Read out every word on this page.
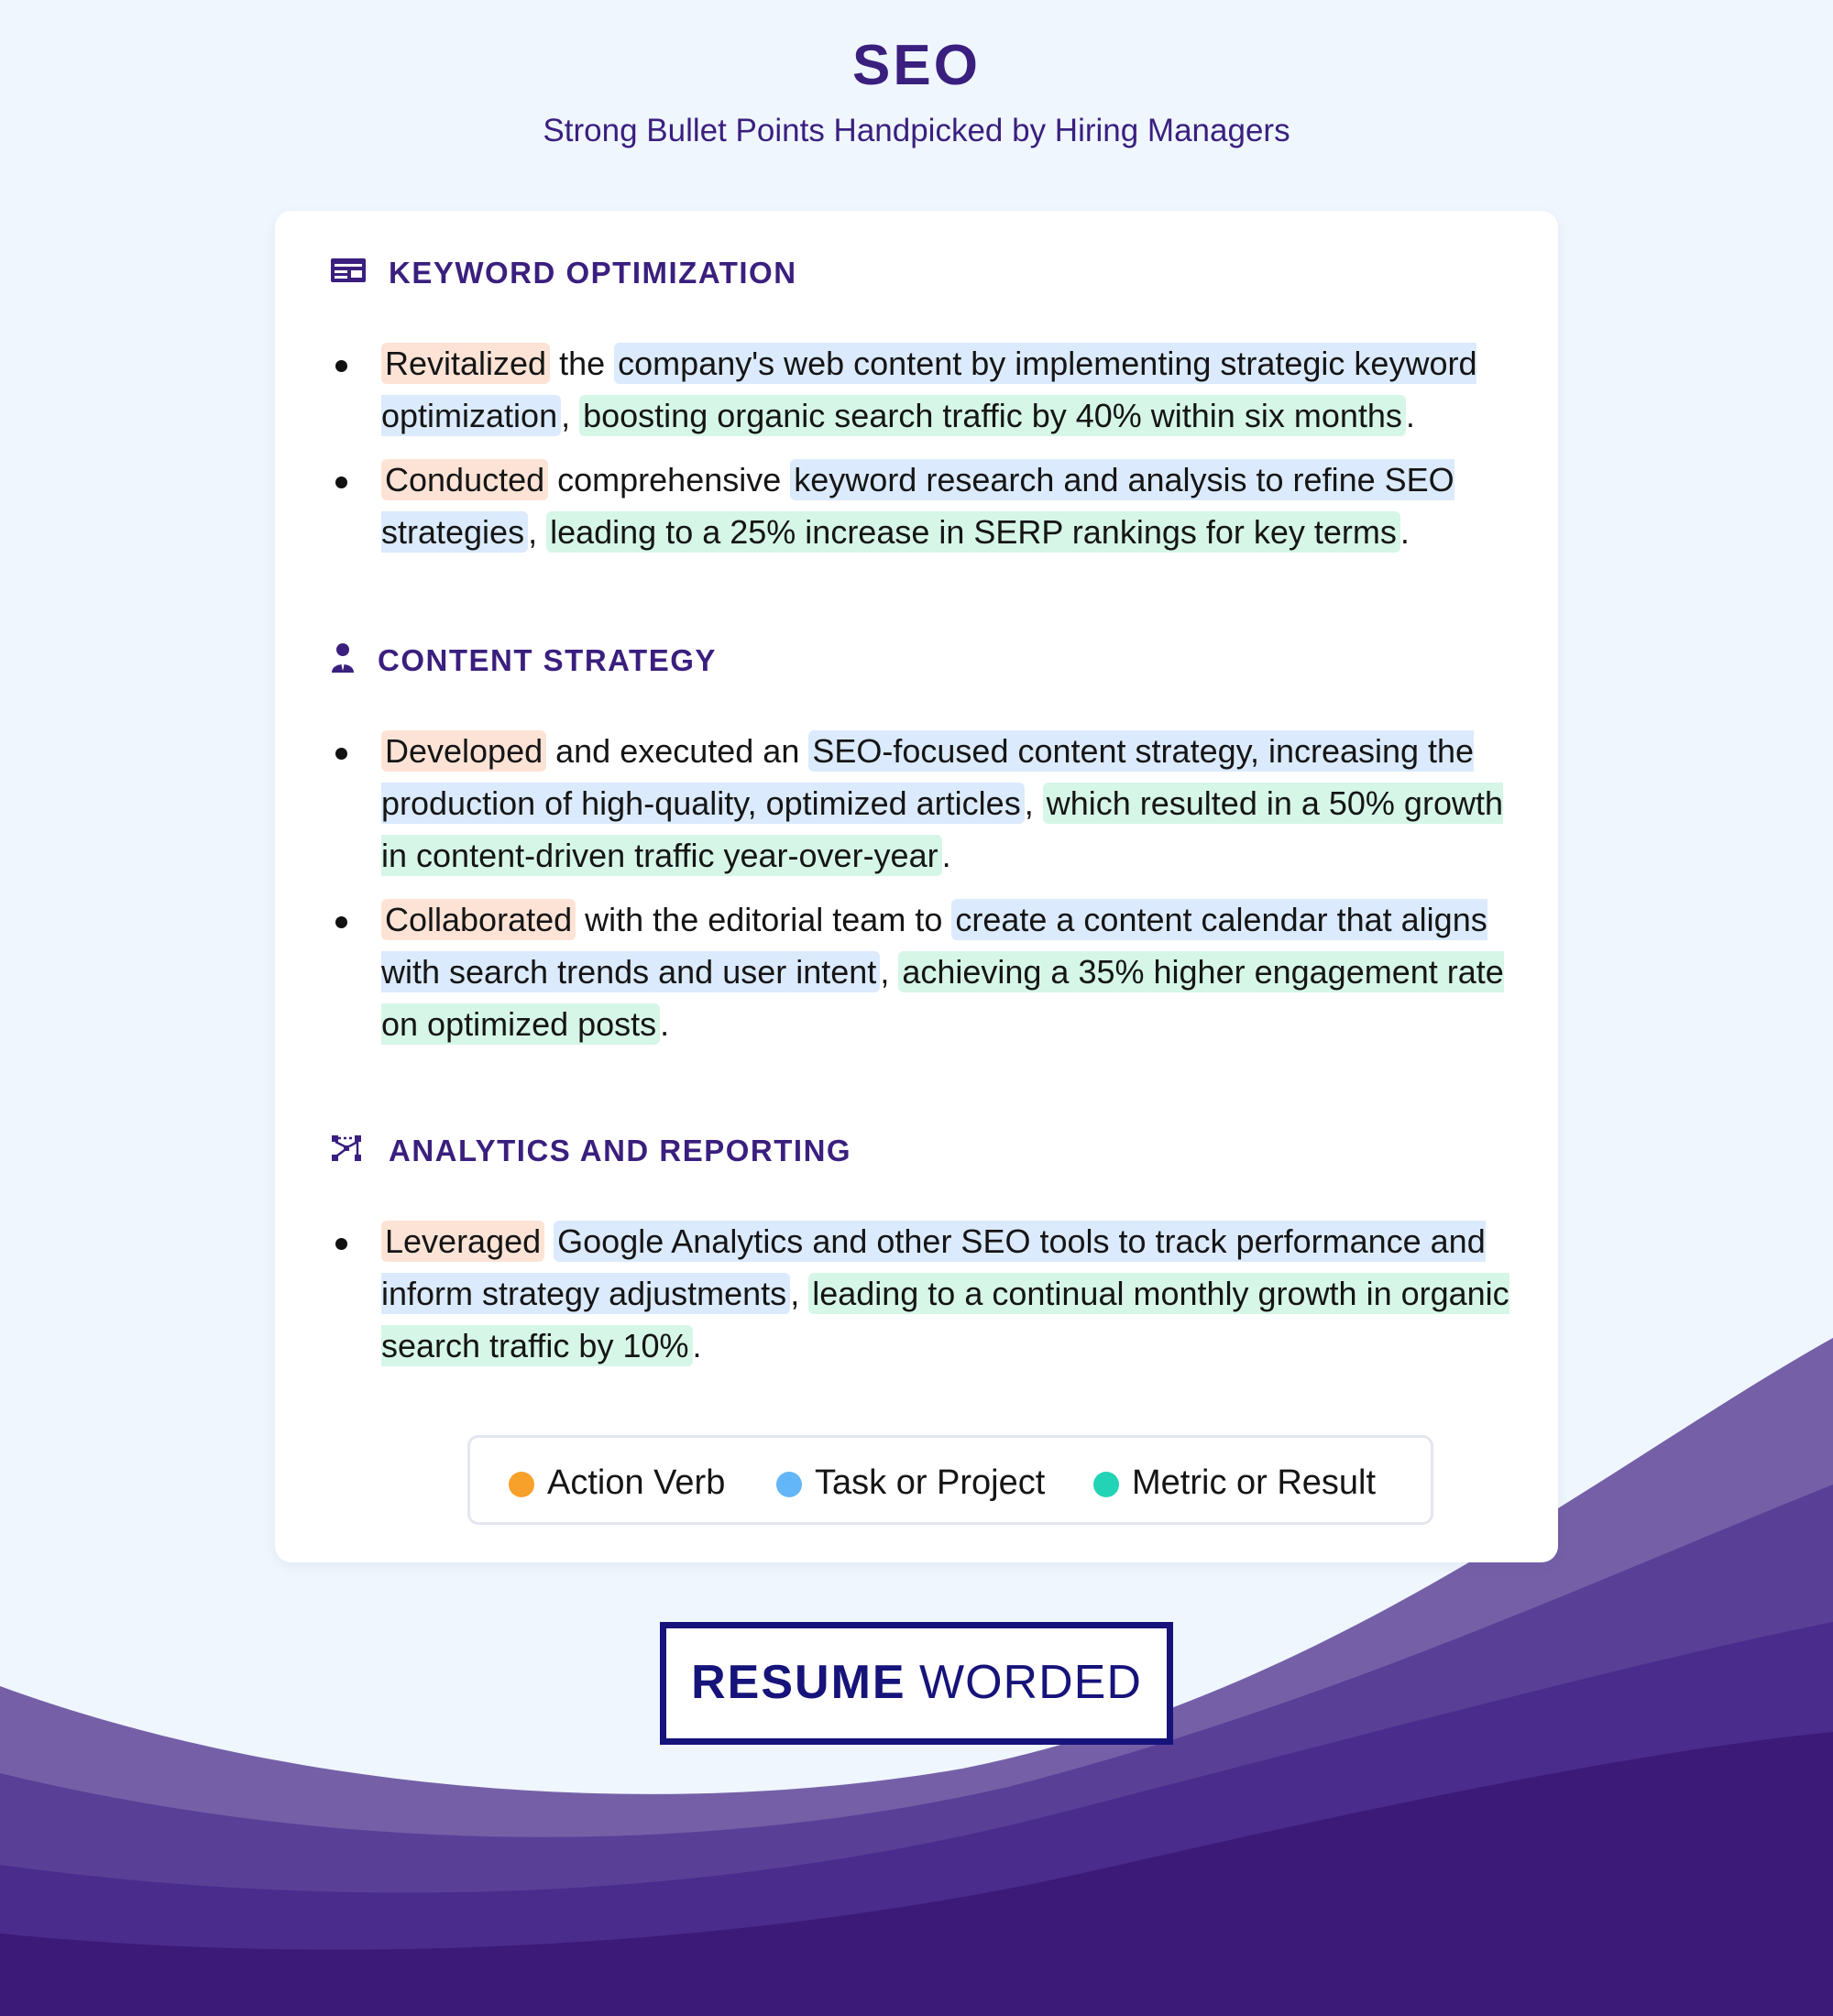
SEO
Strong Bullet Points Handpicked by Hiring Managers
KEYWORD OPTIMIZATION
Revitalized the company's web content by implementing strategic keyword optimization , boosting organic search traffic by 40% within six months .
Conducted comprehensive keyword research and analysis to refine SEO strategies , leading to a 25% increase in SERP rankings for key terms .
CONTENT STRATEGY
Developed and executed an SEO-focused content strategy, increasing the production of high-quality, optimized articles , which resulted in a 50% growth in content-driven traffic year-over-year .
Collaborated with the editorial team to create a content calendar that aligns with search trends and user intent , achieving a 35% higher engagement rate on optimized posts .
ANALYTICS AND REPORTING
Leveraged Google Analytics and other SEO tools to track performance and inform strategy adjustments , leading to a continual monthly growth in organic search traffic by 10% .
Action Verb	Task or Project	Metric or Result
RESUME WORDED
